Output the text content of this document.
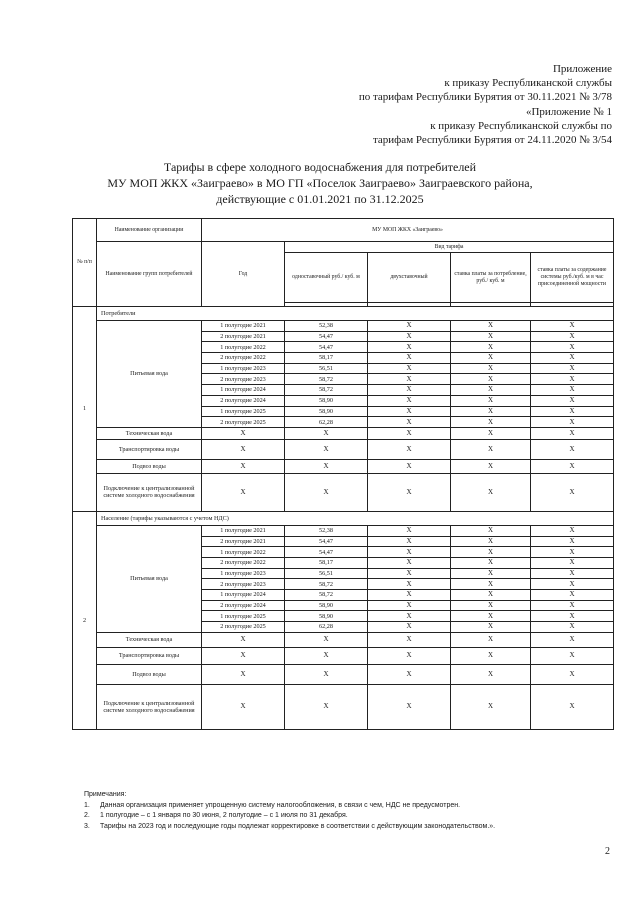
Приложение
к приказу Республиканской службы
по тарифам Республики Бурятия от 30.11.2021 № 3/78
«Приложение № 1
к приказу Республиканской службы по
тарифам Республики Бурятия от 24.11.2020 № 3/54
Тарифы в сфере холодного водоснабжения для потребителей
МУ МОП ЖКХ «Заиграево» в МО ГП «Поселок Заиграево» Заиграевского района,
действующие с 01.01.2021 по 31.12.2025
№ п/п	Наименование организации	МУ МОП ЖКХ «Заиграево»					
	Наименование групп потребителей	Год	Вид тарифа				
			одноставочный руб./ куб. м	двухставочный	ставка платы за потребление, руб./ куб. м	ставка платы за содержание системы руб./куб. м в час присоединенной мощности	

1	Потребители						
	Питьевая вода	1 полугодие 2021	52,38	X	X	X	
		2 полугодие 2021	54,47	X	X	X	
		1 полугодие 2022	54,47	X	X	X	
		2 полугодие 2022	58,17	X	X	X	
		1 полугодие 2023	56,51	X	X	X	
		2 полугодие 2023	58,72	X	X	X	
		1 полугодие 2024	58,72	X	X	X	
		2 полугодие 2024	58,90	X	X	X	
		1 полугодие 2025	58,90	X	X	X	
		2 полугодие 2025	62,28	X	X	X	
	Техническая вода	X	X	X	X	X	
	Транспортировка воды	X	X	X	X	X	
	Подвоз воды	X	X	X	X	X	
	Подключение к централизованной системе холодного водоснабжения	X	X	X	X	X	
2	Население (тарифы указываются с учетом НДС)						
	Питьевая вода	1 полугодие 2021	52,38	X	X	X	
		2 полугодие 2021	54,47	X	X	X	
		1 полугодие 2022	54,47	X	X	X	
		2 полугодие 2022	58,17	X	X	X	
		1 полугодие 2023	56,51	X	X	X	
		2 полугодие 2023	58,72	X	X	X	
		1 полугодие 2024	58,72	X	X	X	
		2 полугодие 2024	58,90	X	X	X	
		1 полугодие 2025	58,90	X	X	X	
		2 полугодие 2025	62,28	X	X	X	
	Техническая вода	X	X	X	X	X	
	Транспортировка воды	X	X	X	X	X	
	Подвоз воды	X	X	X	X	X	
	Подключение к централизованной системе холодного водоснабжения	X	X	X	X	X	
Примечания:
1.	Данная организация применяет упрощенную систему налогообложения, в связи с чем, НДС не предусмотрен.
2.	1 полугодие – с 1 января по 30 июня, 2 полугодие – с 1 июля по 31 декабря.
3.	Тарифы на 2023 год и последующие годы подлежат корректировке в соответствии с действующим законодательством.».
2
